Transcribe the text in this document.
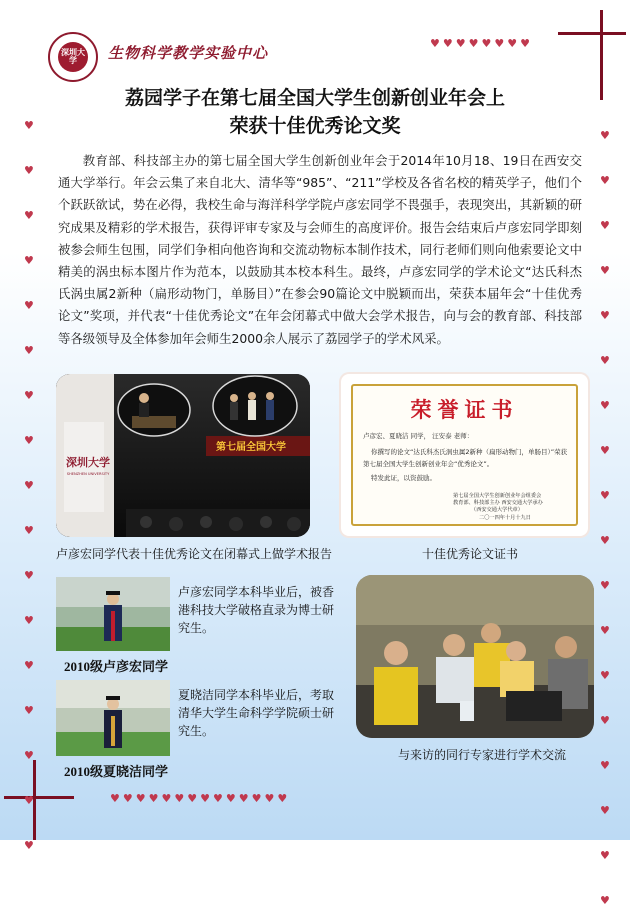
♥ ♥ ♥ ♥ ♥ ♥ ♥ ♥
♥
♥
♥
♥
♥
♥
♥
♥
♥
♥
♥
♥
♥
♥
♥
♥
♥
♥
♥
♥
♥
♥
♥
♥
♥
♥
♥
♥
♥
♥
♥
♥
♥
♥
♥
♥ ♥ ♥ ♥ ♥ ♥ ♥ ♥ ♥ ♥ ♥ ♥ ♥ ♥
深圳大学	生物科学教学实验中心
荔园学子在第七届全国大学生创新创业年会上
荣获十佳优秀论文奖

教育部、科技部主办的第七届全国大学生创新创业年会于2014年10月18、19日在西安交通大学举行。年会云集了来自北大、清华等“985”、“211”学校及各省名校的精英学子，他们个个跃跃欲试，势在必得，我校生命与海洋科学学院卢彦宏同学不畏强手，表现突出，其新颖的研究成果及精彩的学术报告，获得评审专家及与会师生的高度评价。报告会结束后卢彦宏同学即刻被参会师生包围，同学们争相向他咨询和交流动物标本制作技术，同行老师们则向他索要论文中精美的涡虫标本图片作为范本，以鼓励其本校本科生。最终，卢彦宏同学的学术论文“达氏科杰氏涡虫属2新种（扁形动物门，单肠目）”在参会90篇论文中脱颖而出，荣获本届年会“十佳优秀论文”奖项，并代表“十佳优秀论文”在年会闭幕式中做大会学术报告，向与会的教育部、科技部等各级领导及全体参加年会师生2000余人展示了荔园学子的学术风采。

第七届全国大学
深圳大学
SHENZHEN UNIVERSITY
卢彦宏同学代表十佳优秀论文在闭幕式上做学术报告
荣誉证书
卢彦宏、夏晓洁 同学， 汪安泰 老师：
你撰写的论文“达氏科杰氏涡虫属2新种（扁形动物门，单肠目）”荣获
第七届全国大学生创新创业年会“优秀论文”。
特发此证，以资鼓励。
第七届全国大学生创新创业年会组委会
教育部、科技部主办 西安交通大学承办
（西安交通大学代章）
二〇一四年十月十九日
十佳优秀论文证书
卢彦宏同学本科毕业后，被香港科技大学破格直录为博士研究生。
2010级卢彦宏同学
夏晓洁同学本科毕业后，考取清华大学生命科学学院硕士研究生。
2010级夏晓洁同学
与来访的同行专家进行学术交流
